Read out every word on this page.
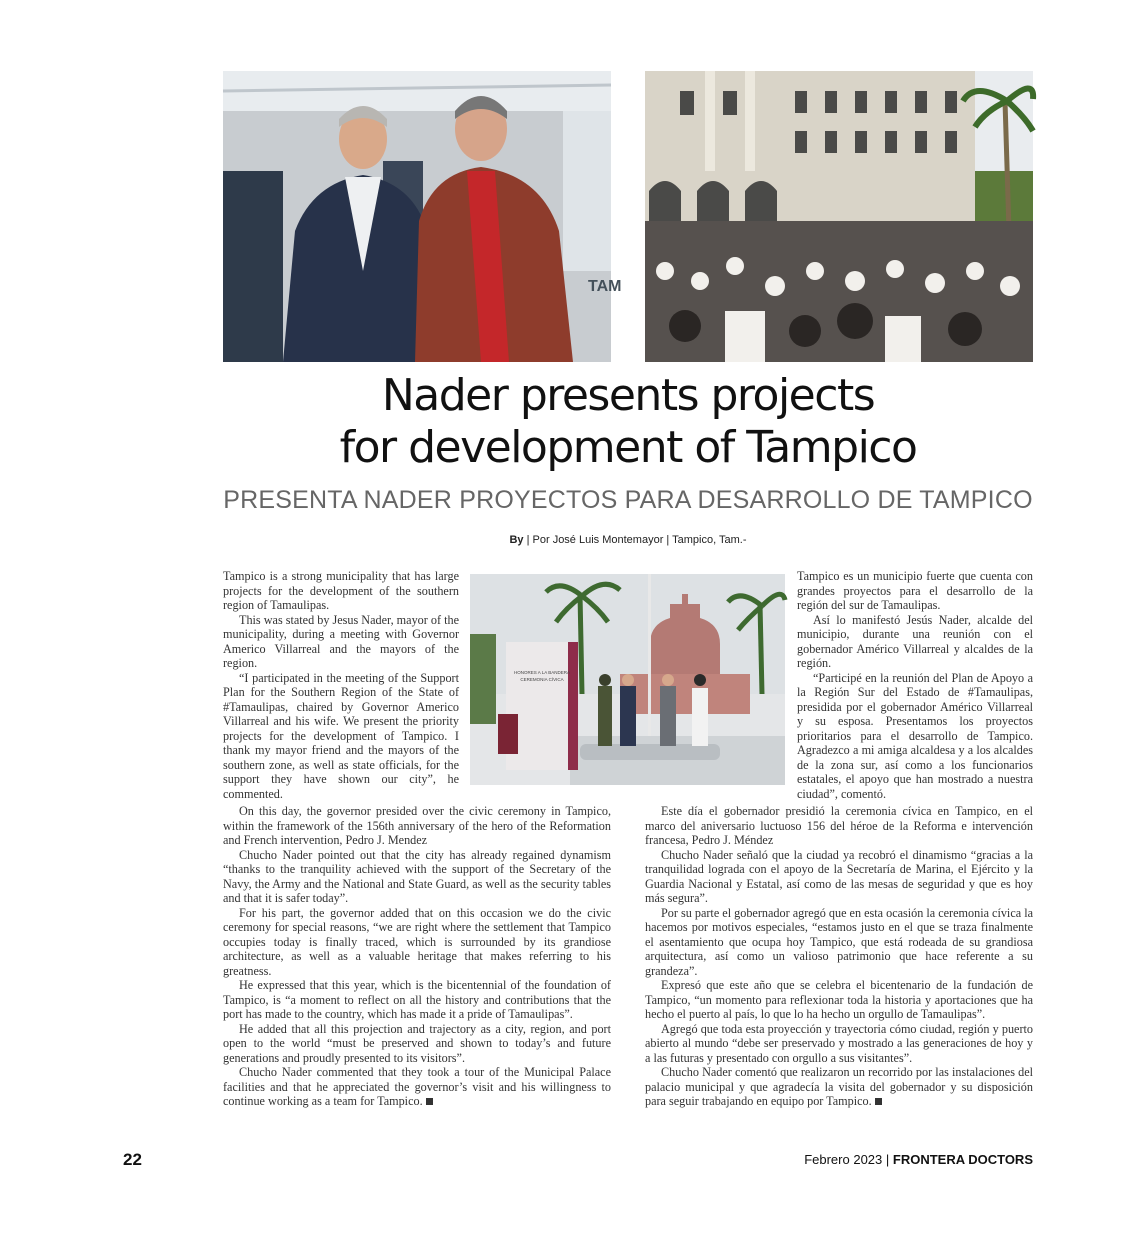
TAM
Nader presents projects
for development of Tampico
PRESENTA NADER PROYECTOS PARA DESARROLLO DE TAMPICO
By | Por José Luis Montemayor | Tampico, Tam.-
HONORES A LA BANDERA
CEREMONIA CÍVICA

Tampico is a strong municipality that has large projects for the development of the southern region of Tamaulipas.

This was stated by Jesus Nader, mayor of the municipality, during a meeting with Governor Americo Villarreal and the mayors of the region.

“I participated in the meeting of the Support Plan for the Southern Region of the State of #Tamaulipas, chaired by Governor Americo Villarreal and his wife. We present the priority projects for the development of Tampico. I thank my mayor friend and the mayors of the southern zone, as well as state officials, for the support they have shown our city”, he commented.

On this day, the governor presided over the civic ceremony in Tampico, within the framework of the 156th anniversary of the hero of the Reformation and French intervention, Pedro J. Mendez

Chucho Nader pointed out that the city has already regained dynamism “thanks to the tranquility achieved with the support of the Secretary of the Navy, the Army and the National and State Guard, as well as the security tables and that it is safer today”.

For his part, the governor added that on this occasion we do the civic ceremony for special reasons, “we are right where the settlement that Tampico occupies today is finally traced, which is surrounded by its grandiose architecture, as well as a valuable heritage that makes referring to his greatness.

He expressed that this year, which is the bicentennial of the foundation of Tampico, is “a moment to reflect on all the history and contributions that the port has made to the country, which has made it a pride of Tamaulipas”.

He added that all this projection and trajectory as a city, region, and port open to the world “must be preserved and shown to today’s and future generations and proudly presented to its visitors”.

Chucho Nader commented that they took a tour of the Municipal Palace facilities and that he appreciated the governor’s visit and his willingness to continue working as a team for Tampico.

Tampico es un municipio fuerte que cuenta con grandes proyectos para el desarrollo de la región del sur de Tamaulipas.

Así lo manifestó Jesús Nader, alcalde del municipio, durante una reunión con el gobernador Américo Villarreal y alcaldes de la región.

“Participé en la reunión del Plan de Apoyo a la Región Sur del Estado de #Tamaulipas, presidida por el gobernador Américo Villarreal y su esposa. Presentamos los proyectos prioritarios para el desarrollo de Tampico. Agradezco a mi amiga alcaldesa y a los alcaldes de la zona sur, así como a los funcionarios estatales, el apoyo que han mostrado a nuestra ciudad”, comentó.

Este día el gobernador presidió la ceremonia cívica en Tampico, en el marco del aniversario luctuoso 156 del héroe de la Reforma e intervención francesa, Pedro J. Méndez

Chucho Nader señaló que la ciudad ya recobró el dinamismo “gracias a la tranquilidad lograda con el apoyo de la Secretaría de Marina, el Ejército y la Guardia Nacional y Estatal, así como de las mesas de seguridad y que es hoy más segura”.

Por su parte el gobernador agregó que en esta ocasión la ceremonia cívica la hacemos por motivos especiales, “estamos justo en el que se traza finalmente el asentamiento que ocupa hoy Tampico, que está rodeada de su grandiosa arquitectura, así como un valioso patrimonio que hace referente a su grandeza”.

Expresó que este año que se celebra el bicentenario de la fundación de Tampico, “un momento para reflexionar toda la historia y aportaciones que ha hecho el puerto al país, lo que lo ha hecho un orgullo de Tamaulipas”.

Agregó que toda esta proyección y trayectoria cómo ciudad, región y puerto abierto al mundo “debe ser preservado y mostrado a las generaciones de hoy y a las futuras y presentado con orgullo a sus visitantes”.

Chucho Nader comentó que realizaron un recorrido por las instalaciones del palacio municipal y que agradecía la visita del gobernador y su disposición para seguir trabajando en equipo por Tampico.

22	Febrero 2023 | FRONTERA DOCTORS
